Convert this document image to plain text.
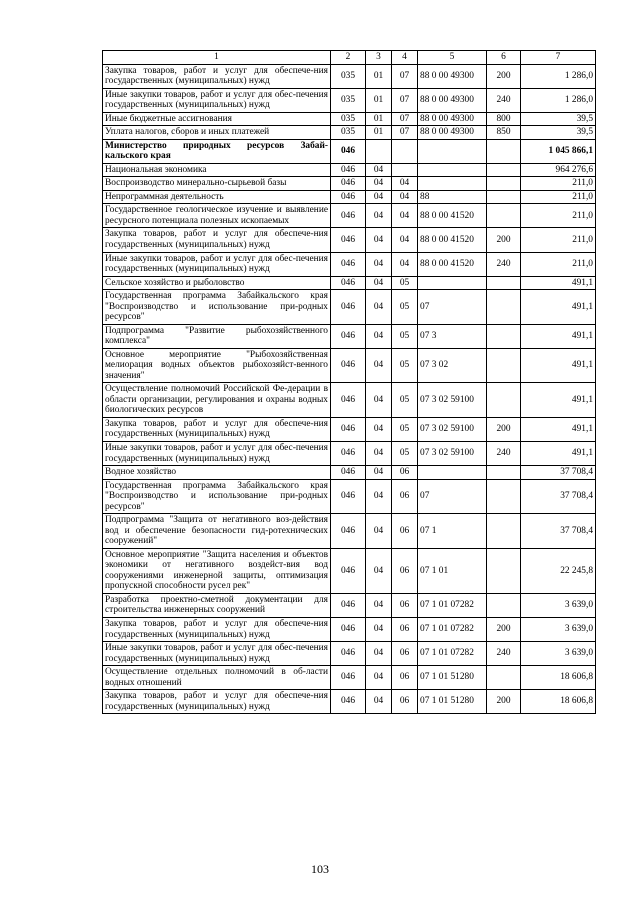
1	2	3	4	5	6	7
Закупка товаров, работ и услуг для обеспече-ния государственных (муниципальных) нужд	035	01	07	88 0 00 49300	200	1 286,0
Иные закупки товаров, работ и услуг для обес-печения государственных (муниципальных) нужд	035	01	07	88 0 00 49300	240	1 286,0
Иные бюджетные ассигнования	035	01	07	88 0 00 49300	800	39,5
Уплата налогов, сборов и иных платежей	035	01	07	88 0 00 49300	850	39,5
Министерство природных ресурсов Забай-кальского края	046					1 045 866,1
Национальная экономика	046	04				964 276,6
Воспроизводство минерально-сырьевой базы	046	04	04			211,0
Непрограммная деятельность	046	04	04	88		211,0
Государственное геологическое изучение и выявление ресурсного потенциала полезных ископаемых	046	04	04	88 0 00 41520		211,0
Закупка товаров, работ и услуг для обеспече-ния государственных (муниципальных) нужд	046	04	04	88 0 00 41520	200	211,0
Иные закупки товаров, работ и услуг для обес-печения государственных (муниципальных) нужд	046	04	04	88 0 00 41520	240	211,0
Сельское хозяйство и рыболовство	046	04	05			491,1
Государственная программа Забайкальского края "Воспроизводство и использование при-родных ресурсов"	046	04	05	07		491,1
Подпрограмма "Развитие рыбохозяйственного комплекса"	046	04	05	07 3		491,1
Основное мероприятие "Рыбохозяйственная мелиорация водных объектов рыбохозяйст-венного значения"	046	04	05	07 3 02		491,1
Осуществление полномочий Российской Фе-дерации в области организации, регулирования и охраны водных биологических ресурсов	046	04	05	07 3 02 59100		491,1
Закупка товаров, работ и услуг для обеспече-ния государственных (муниципальных) нужд	046	04	05	07 3 02 59100	200	491,1
Иные закупки товаров, работ и услуг для обес-печения государственных (муниципальных) нужд	046	04	05	07 3 02 59100	240	491,1
Водное хозяйство	046	04	06			37 708,4
Государственная программа Забайкальского края "Воспроизводство и использование при-родных ресурсов"	046	04	06	07		37 708,4
Подпрограмма "Защита от негативного воз-действия вод и обеспечение безопасности гид-ротехнических сооружений"	046	04	06	07 1		37 708,4
Основное мероприятие "Защита населения и объектов экономики от негативного воздейст-вия вод сооружениями инженерной защиты, оптимизация пропускной способности русел рек"	046	04	06	07 1 01		22 245,8
Разработка проектно-сметной документации для строительства инженерных сооружений	046	04	06	07 1 01 07282		3 639,0
Закупка товаров, работ и услуг для обеспече-ния государственных (муниципальных) нужд	046	04	06	07 1 01 07282	200	3 639,0
Иные закупки товаров, работ и услуг для обес-печения государственных (муниципальных) нужд	046	04	06	07 1 01 07282	240	3 639,0
Осуществление отдельных полномочий в об-ласти водных отношений	046	04	06	07 1 01 51280		18 606,8
Закупка товаров, работ и услуг для обеспече-ния государственных (муниципальных) нужд	046	04	06	07 1 01 51280	200	18 606,8
103
